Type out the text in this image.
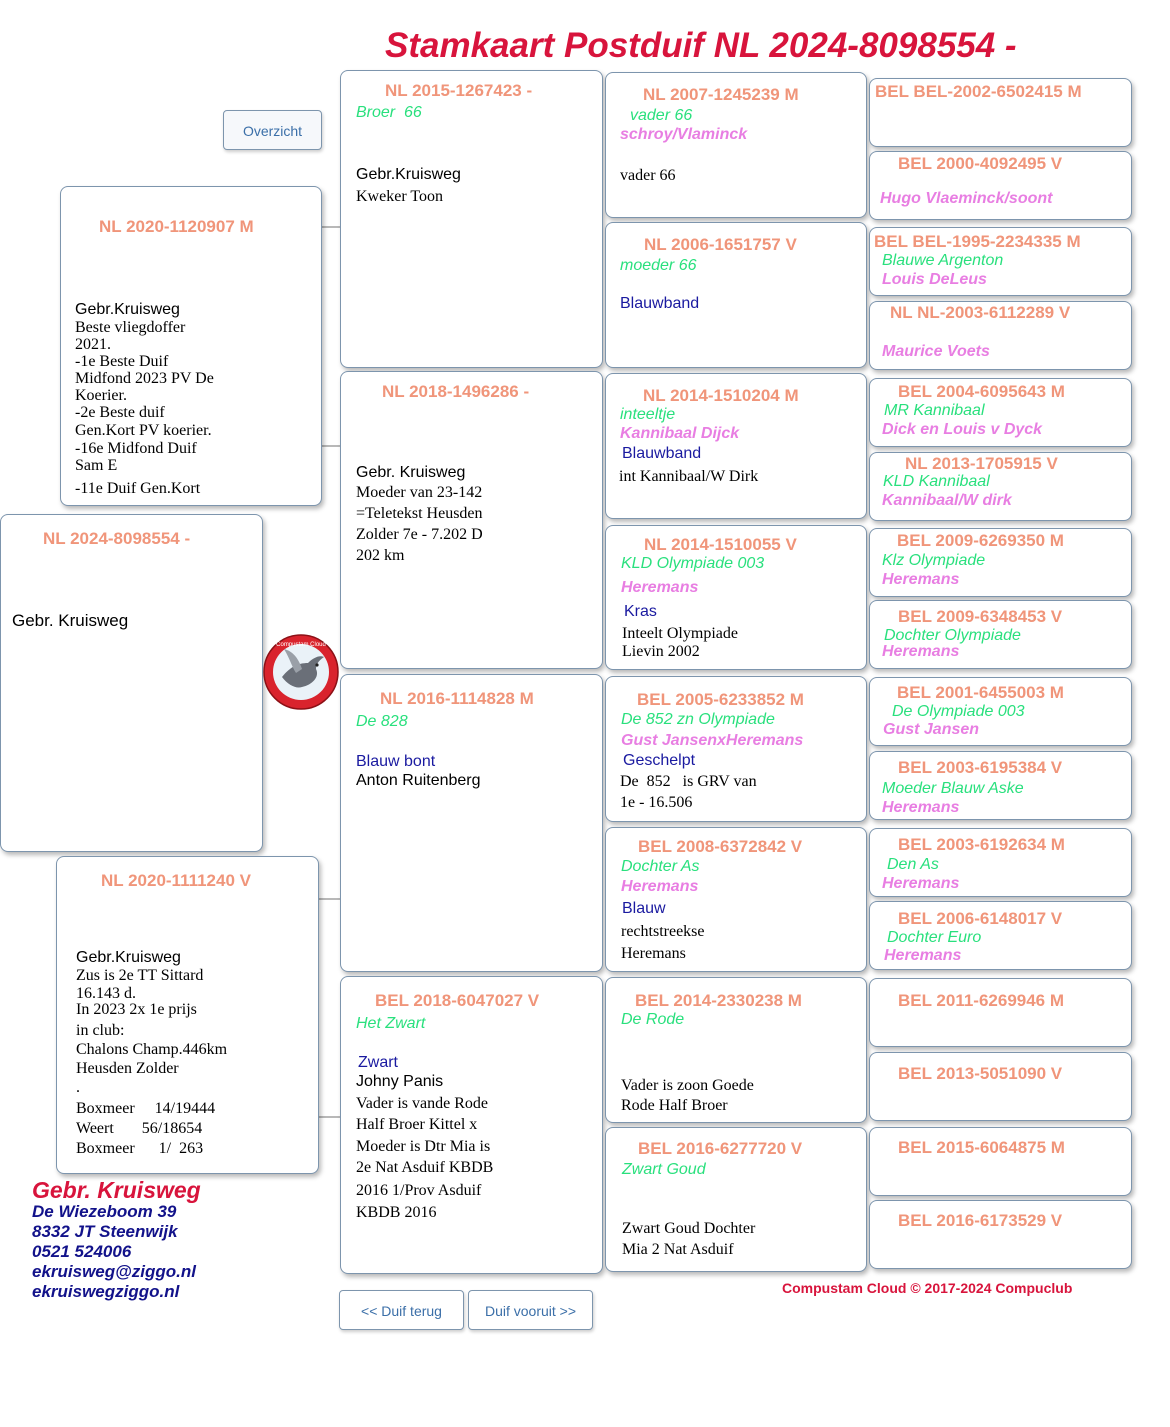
Stamkaart Postduif NL 2024-8098554 -
Overzicht
NL 2020-1120907 M
Gebr.Kruisweg
Beste vliegdoffer
2021.
-1e Beste Duif
Midfond 2023 PV De
Koerier.
-2e Beste duif
Gen.Kort PV koerier.
-16e Midfond Duif
Sam E
-11e Duif Gen.Kort
NL 2024-8098554 -
Gebr. Kruisweg
Compustam Cloud
NL 2020-1111240 V
Gebr.Kruisweg
Zus is 2e TT Sittard
16.143 d.
In 2023 2x 1e prijs
in club:
Chalons Champ.446km
Heusden Zolder
.
Boxmeer     14/19444
Weert       56/18654
Boxmeer      1/  263
NL 2015-1267423 -
Broer  66
Gebr.Kruisweg
Kweker Toon
NL 2018-1496286 -
Gebr. Kruisweg
Moeder van 23-142
=Teletekst Heusden
Zolder 7e - 7.202 D
202 km
NL 2016-1114828 M
De 828
Blauw bont
Anton Ruitenberg
BEL 2018-6047027 V
Het Zwart
Zwart
Johny Panis
Vader is vande Rode
Half Broer Kittel x
Moeder is Dtr Mia is
2e Nat Asduif KBDB
2016 1/Prov Asduif
KBDB 2016
NL 2007-1245239 M
vader 66
schroy/Vlaminck
vader 66
NL 2006-1651757 V
moeder 66
Blauwband
NL 2014-1510204 M
inteeltje
Kannibaal Dijck
Blauwband
int Kannibaal/W Dirk
NL 2014-1510055 V
KLD Olympiade 003
Heremans
Kras
Inteelt Olympiade
Lievin 2002
BEL 2005-6233852 M
De 852 zn Olympiade
Gust JansenxHeremans
Geschelpt
De  852   is GRV van
1e - 16.506
BEL 2008-6372842 V
Dochter As
Heremans
Blauw
rechtstreekse
Heremans
BEL 2014-2330238 M
De Rode
Vader is zoon Goede
Rode Half Broer
BEL 2016-6277720 V
Zwart Goud
Zwart Goud Dochter
Mia 2 Nat Asduif
BEL BEL-2002-6502415 M
BEL 2000-4092495 V
Hugo Vlaeminck/soont
BEL BEL-1995-2234335 M
Blauwe Argenton
Louis DeLeus
NL NL-2003-6112289 V
Maurice Voets
BEL 2004-6095643 M
MR Kannibaal
Dick en Louis v Dyck
NL 2013-1705915 V
KLD Kannibaal
Kannibaal/W dirk
BEL 2009-6269350 M
Klz Olympiade
Heremans
BEL 2009-6348453 V
Dochter Olympiade
Heremans
BEL 2001-6455003 M
De Olympiade 003
Gust Jansen
BEL 2003-6195384 V
Moeder Blauw Aske
Heremans
BEL 2003-6192634 M
Den As
Heremans
BEL 2006-6148017 V
Dochter Euro
Heremans
BEL 2011-6269946 M
BEL 2013-5051090 V
BEL 2015-6064875 M
BEL 2016-6173529 V
Gebr. Kruisweg
De Wiezeboom 39
8332 JT Steenwijk
0521 524006
ekruisweg@ziggo.nl
ekruiswegziggo.nl
<< Duif terug	Duif vooruit >>
Compustam Cloud © 2017-2024 Compuclub
